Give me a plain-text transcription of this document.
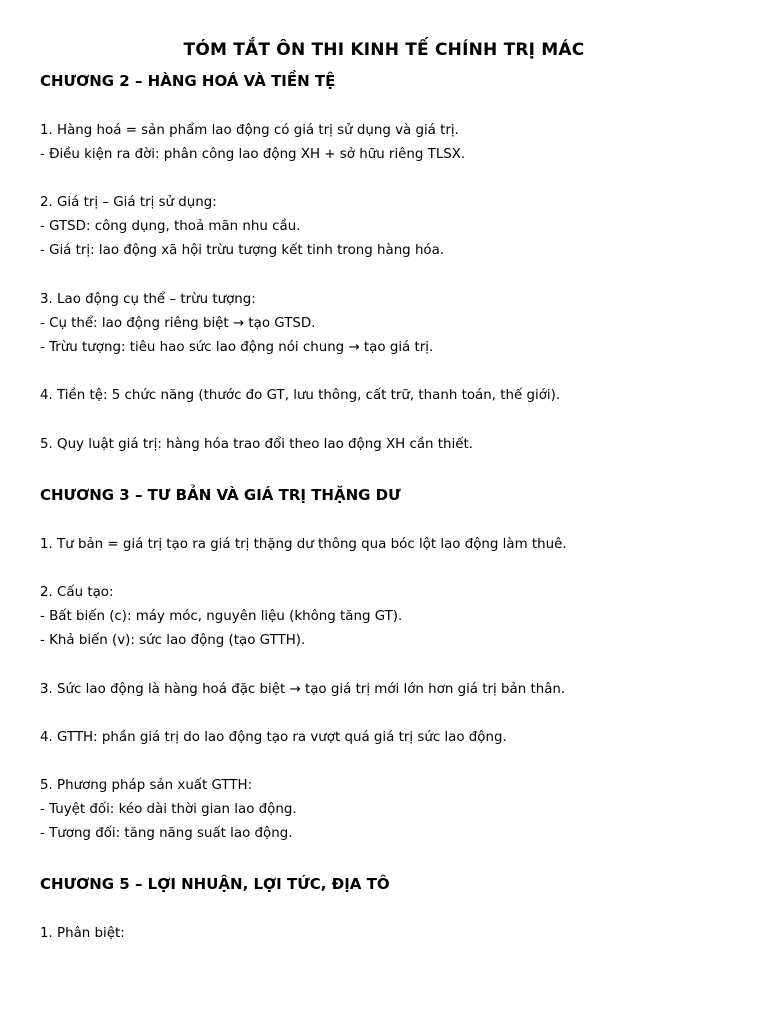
TÓM TẮT ÔN THI KINH TẾ CHÍNH TRỊ MÁC
CHƯƠNG 2 – HÀNG HOÁ VÀ TIỀN TỆ
1. Hàng hoá = sản phẩm lao động có giá trị sử dụng và giá trị.
- Điều kiện ra đời: phân công lao động XH + sở hữu riêng TLSX.
2. Giá trị – Giá trị sử dụng:
- GTSD: công dụng, thoả mãn nhu cầu.
- Giá trị: lao động xã hội trừu tượng kết tinh trong hàng hóa.
3. Lao động cụ thể – trừu tượng:
- Cụ thể: lao động riêng biệt → tạo GTSD.
- Trừu tượng: tiêu hao sức lao động nói chung → tạo giá trị.
4. Tiền tệ: 5 chức năng (thước đo GT, lưu thông, cất trữ, thanh toán, thế giới).
5. Quy luật giá trị: hàng hóa trao đổi theo lao động XH cần thiết.
CHƯƠNG 3 – TƯ BẢN VÀ GIÁ TRỊ THẶNG DƯ
1. Tư bản = giá trị tạo ra giá trị thặng dư thông qua bóc lột lao động làm thuê.
2. Cấu tạo:
- Bất biến (c): máy móc, nguyên liệu (không tăng GT).
- Khả biến (v): sức lao động (tạo GTTH).
3. Sức lao động là hàng hoá đặc biệt → tạo giá trị mới lớn hơn giá trị bản thân.
4. GTTH: phần giá trị do lao động tạo ra vượt quá giá trị sức lao động.
5. Phương pháp sản xuất GTTH:
- Tuyệt đối: kéo dài thời gian lao động.
- Tương đối: tăng năng suất lao động.
CHƯƠNG 5 – LỢI NHUẬN, LỢI TỨC, ĐỊA TÔ
1. Phân biệt:
